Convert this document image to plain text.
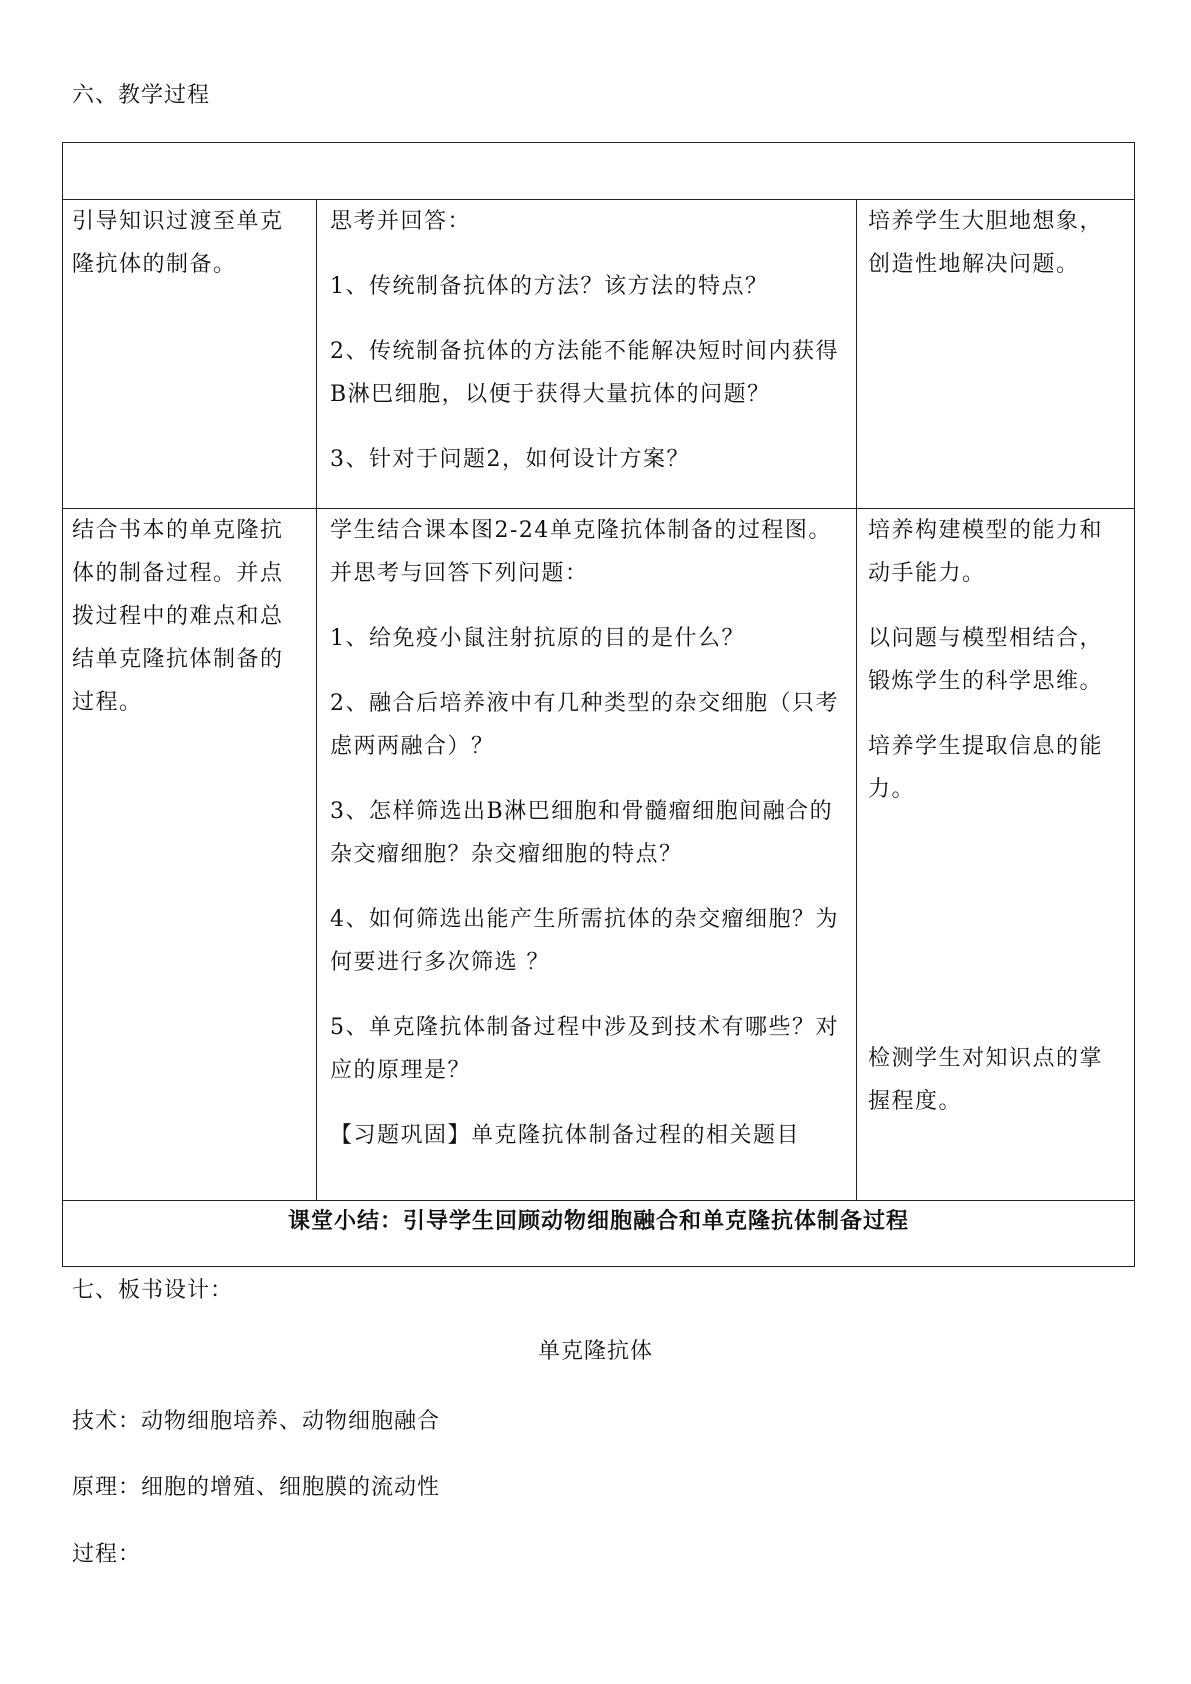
六、教学过程

引导知识过渡至单克隆抗体的制备。

思考并回答：

1、传统制备抗体的方法？该方法的特点？

2、传统制备抗体的方法能不能解决短时间内获得B淋巴细胞，以便于获得大量抗体的问题？

3、针对于问题2，如何设计方案？

培养学生大胆地想象，创造性地解决问题。
结合书本的单克隆抗体的制备过程。并点拨过程中的难点和总结单克隆抗体制备的过程。

学生结合课本图2-24单克隆抗体制备的过程图。并思考与回答下列问题：

1、给免疫小鼠注射抗原的目的是什么？

2、融合后培养液中有几种类型的杂交细胞（只考虑两两融合）？

3、怎样筛选出B淋巴细胞和骨髓瘤细胞间融合的杂交瘤细胞？杂交瘤细胞的特点？

4、如何筛选出能产生所需抗体的杂交瘤细胞？为何要进行多次筛选 ？

5、单克隆抗体制备过程中涉及到技术有哪些？对应的原理是？

【习题巩固】单克隆抗体制备过程的相关题目

培养构建模型的能力和动手能力。

以问题与模型相结合，锻炼学生的科学思维。

培养学生提取信息的能力。

检测学生对知识点的掌握程度。
课堂小结：引导学生回顾动物细胞融合和单克隆抗体制备过程

七、板书设计：

单克隆抗体

技术：动物细胞培养、动物细胞融合

原理：细胞的增殖、细胞膜的流动性

过程：
